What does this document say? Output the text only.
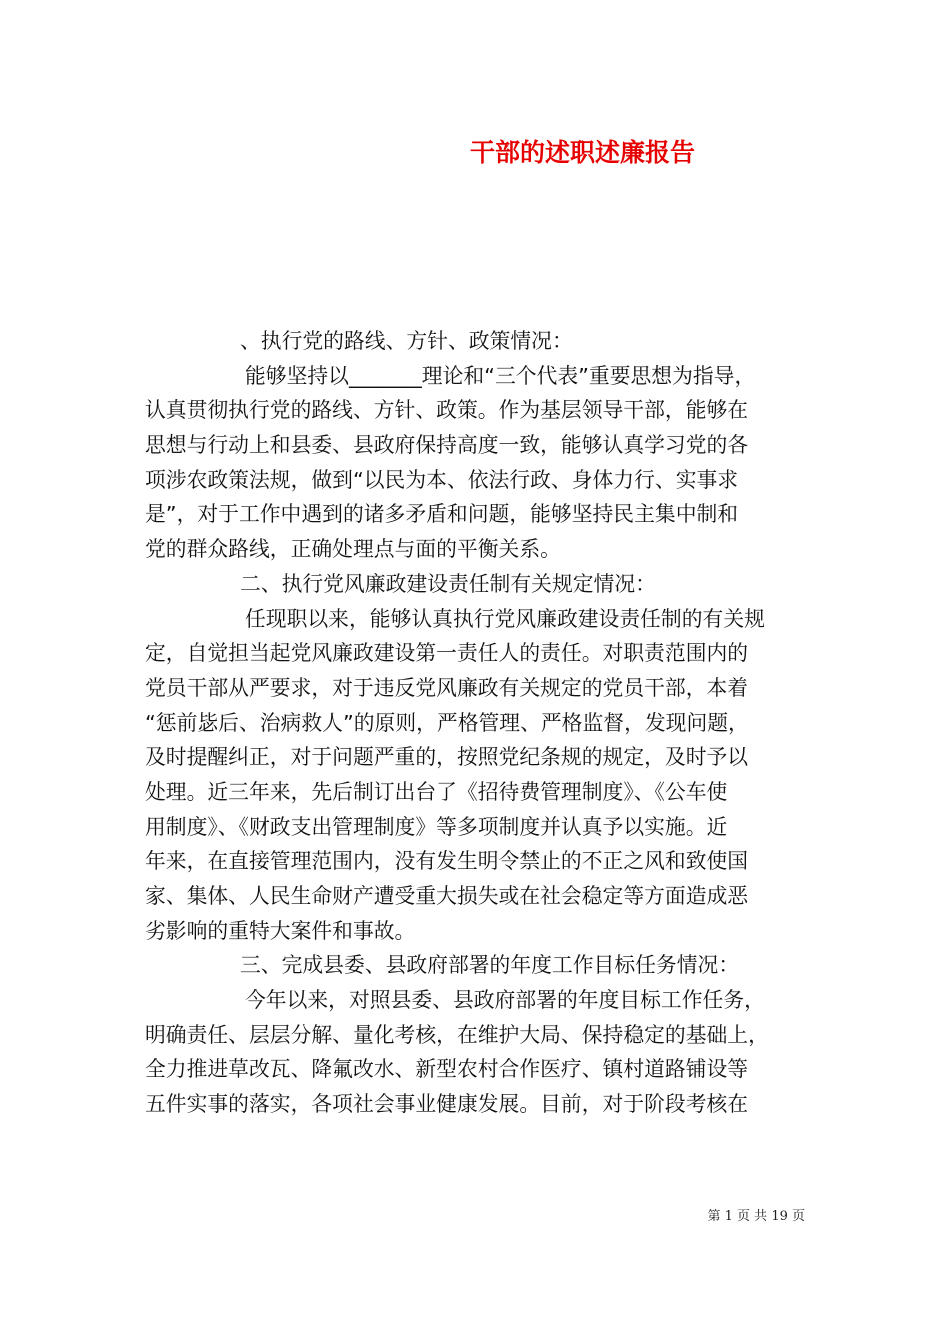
干部的述职述廉报告
、执行党的路线、方针、政策情况：
能够坚持以_______理论和“三个代表”重要思想为指导，
认真贯彻执行党的路线、方针、政策。作为基层领导干部，能够在
思想与行动上和县委、县政府保持高度一致，能够认真学习党的各
项涉农政策法规，做到“以民为本、依法行政、身体力行、实事求
是”，对于工作中遇到的诸多矛盾和问题，能够坚持民主集中制和
党的群众路线，正确处理点与面的平衡关系。
二、执行党风廉政建设责任制有关规定情况：
任现职以来，能够认真执行党风廉政建设责任制的有关规
定，自觉担当起党风廉政建设第一责任人的责任。对职责范围内的
党员干部从严要求，对于违反党风廉政有关规定的党员干部，本着
“惩前毖后、治病救人”的原则，严格管理、严格监督，发现问题，
及时提醒纠正，对于问题严重的，按照党纪条规的规定，及时予以
处理。近三年来，先后制订出台了《招待费管理制度》、《公车使
用制度》、《财政支出管理制度》等多项制度并认真予以实施。近
年来，在直接管理范围内，没有发生明令禁止的不正之风和致使国
家、集体、人民生命财产遭受重大损失或在社会稳定等方面造成恶
劣影响的重特大案件和事故。
三、完成县委、县政府部署的年度工作目标任务情况：
今年以来，对照县委、县政府部署的年度目标工作任务，
明确责任、层层分解、量化考核，在维护大局、保持稳定的基础上，
全力推进草改瓦、降氟改水、新型农村合作医疗、镇村道路铺设等
五件实事的落实，各项社会事业健康发展。目前，对于阶段考核在
第 1 页 共 19 页
